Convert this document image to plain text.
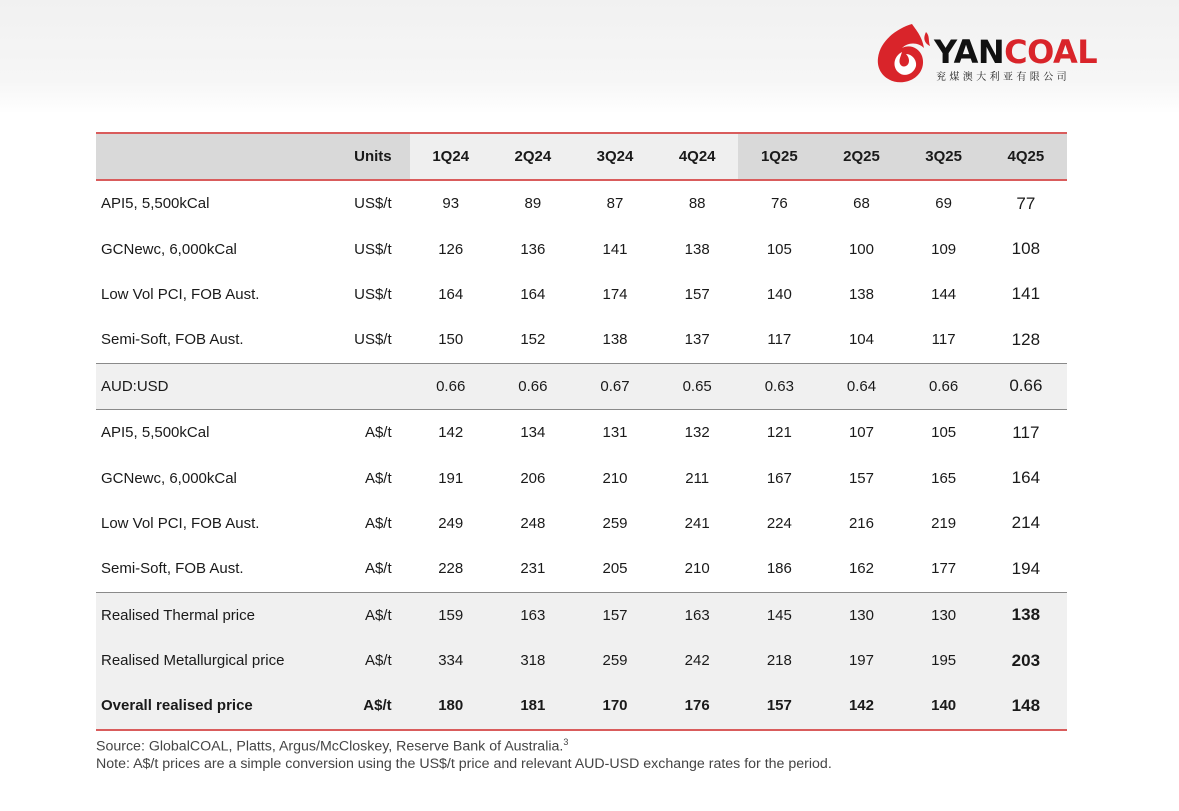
YANCOAL
兖煤澳大利亚有限公司
	Units	1Q24	2Q24	3Q24	4Q24	1Q25	2Q25	3Q25	4Q25
API5, 5,500kCal	US$/t	93	89	87	88	76	68	69	77
GCNewc, 6,000kCal	US$/t	126	136	141	138	105	100	109	108
Low Vol PCI, FOB Aust.	US$/t	164	164	174	157	140	138	144	141
Semi-Soft, FOB Aust.	US$/t	150	152	138	137	117	104	117	128
AUD:USD		0.66	0.66	0.67	0.65	0.63	0.64	0.66	0.66
API5, 5,500kCal	A$/t	142	134	131	132	121	107	105	117
GCNewc, 6,000kCal	A$/t	191	206	210	211	167	157	165	164
Low Vol PCI, FOB Aust.	A$/t	249	248	259	241	224	216	219	214
Semi-Soft, FOB Aust.	A$/t	228	231	205	210	186	162	177	194
Realised Thermal price	A$/t	159	163	157	163	145	130	130	138
Realised Metallurgical price	A$/t	334	318	259	242	218	197	195	203
Overall realised price	A$/t	180	181	170	176	157	142	140	148
Source: GlobalCOAL, Platts, Argus/McCloskey, Reserve Bank of Australia.$^3$
Note: A$/t prices are a simple conversion using the US$/t price and relevant AUD-USD exchange rates for the period.
